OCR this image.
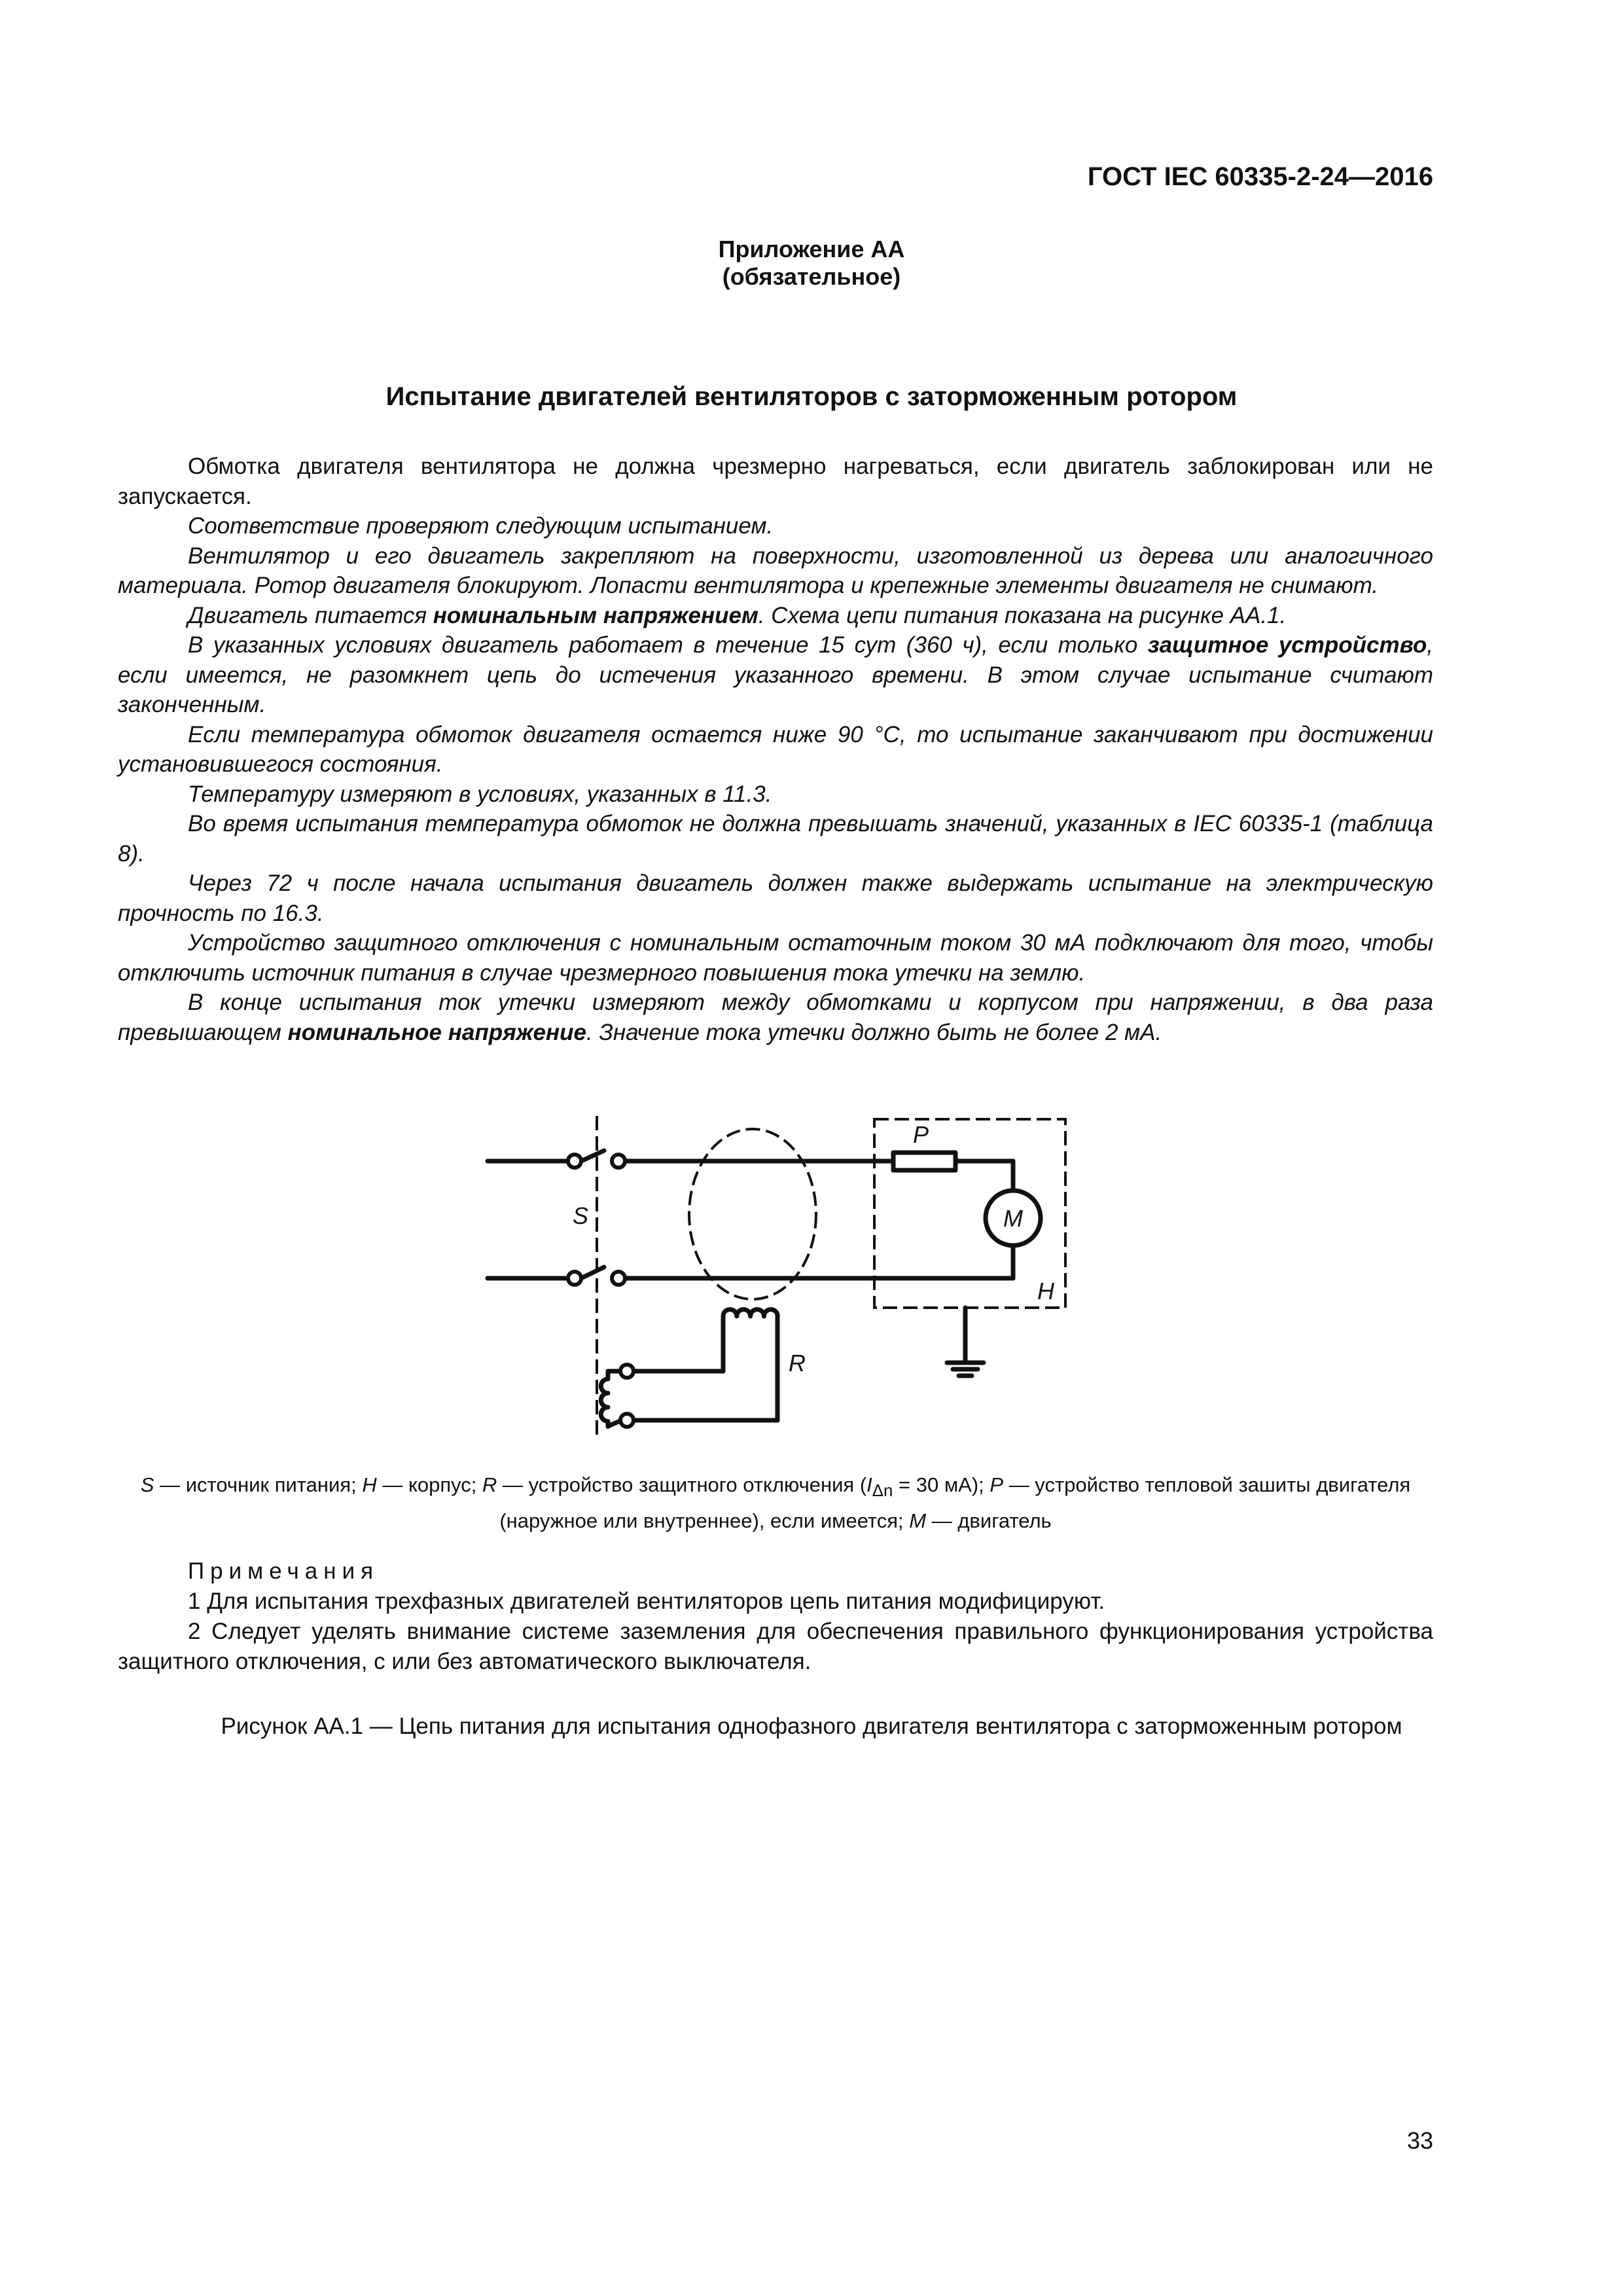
ГОСТ IEC 60335-2-24—2016
Приложение АА
(обязательное)
Испытание двигателей вентиляторов с заторможенным ротором

Обмотка двигателя вентилятора не должна чрезмерно нагреваться, если двигатель заблокирован или не запускается.

Соответствие проверяют следующим испытанием.

Вентилятор и его двигатель закрепляют на поверхности, изготовленной из дерева или аналогичного материала. Ротор двигателя блокируют. Лопасти вентилятора и крепежные элементы двигателя не снимают.

Двигатель питается номинальным напряжением. Схема цепи питания показана на рисунке АА.1.

В указанных условиях двигатель работает в течение 15 сут (360 ч), если только защитное устройство, если имеется, не разомкнет цепь до истечения указанного времени. В этом случае испытание считают законченным.

Если температура обмоток двигателя остается ниже 90 °С, то испытание заканчивают при достижении установившегося состояния.

Температуру измеряют в условиях, указанных в 11.3.

Во время испытания температура обмоток не должна превышать значений, указанных в IEC 60335-1 (таблица 8).

Через 72 ч после начала испытания двигатель должен также выдержать испытание на электрическую прочность по 16.3.

Устройство защитного отключения с номинальным остаточным током 30 мА подключают для того, чтобы отключить источник питания в случае чрезмерного повышения тока утечки на землю.

В конце испытания ток утечки измеряют между обмотками и корпусом при напряжении, в два раза превышающем номинальное напряжение. Значение тока утечки должно быть не более 2 мА.

P
M
S
H
R
S — источник питания; H — корпус; R — устройство защитного отключения ($I_{\Delta n} = 30$ мА); P — устройство тепловой зашиты двигателя (наружное или внутреннее), если имеется; M — двигатель

Примечания

1 Для испытания трехфазных двигателей вентиляторов цепь питания модифицируют.

2 Следует уделять внимание системе заземления для обеспечения правильного функционирования устройства защитного отключения, с или без автоматического выключателя.

Рисунок АА.1 — Цепь питания для испытания однофазного двигателя вентилятора с заторможенным ротором
33
